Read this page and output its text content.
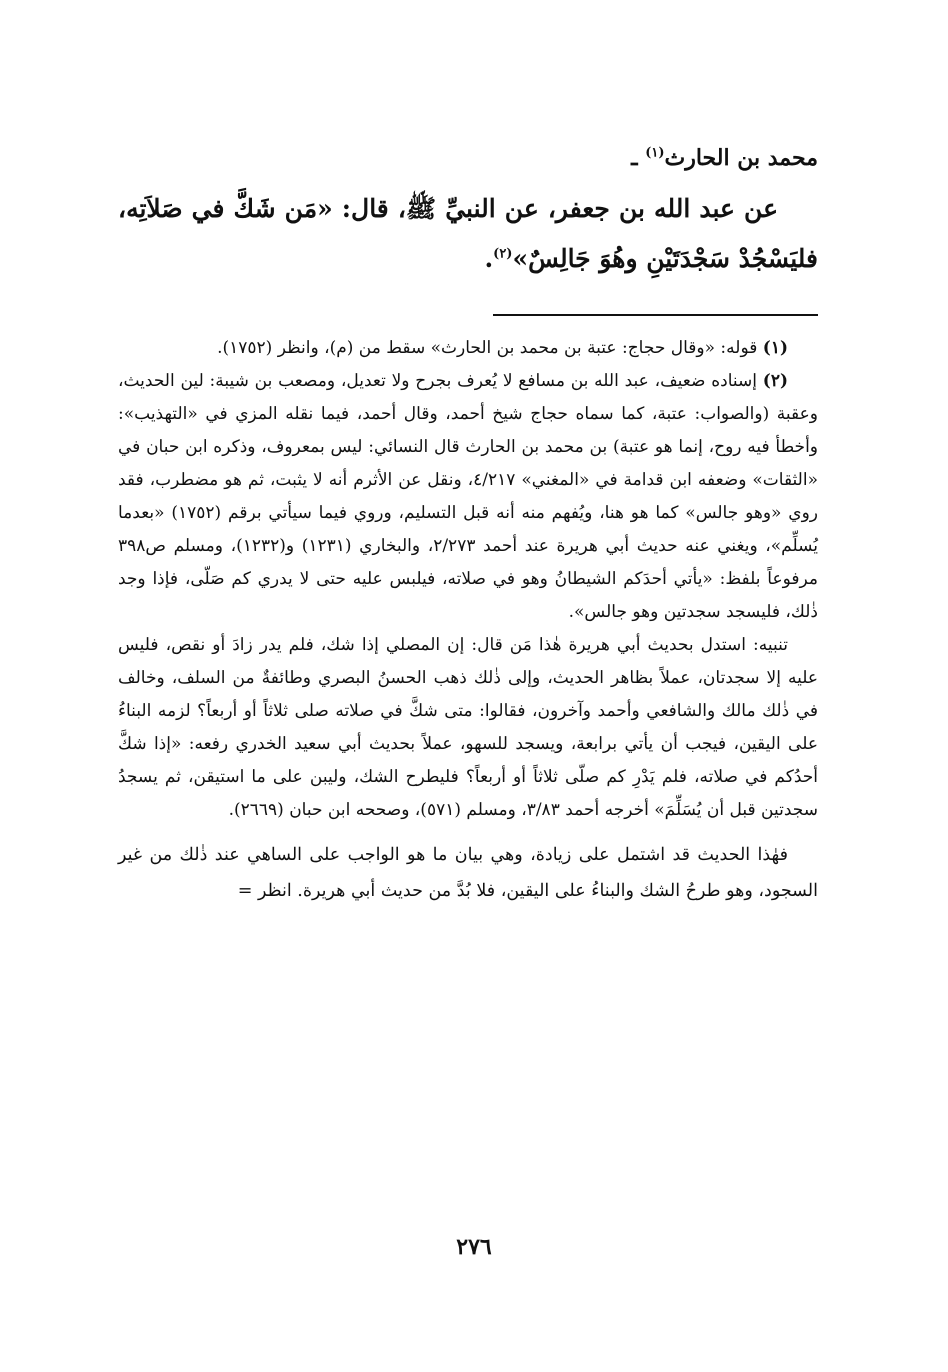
محمد بن الحارث$^{(١)}$ ـ

عن عبد الله بن جعفر، عن النبيِّ ﷺ، قال: «مَن شَكَّ في صَلاَتِه، فليَسْجُدْ سَجْدَتَيْنِ وهُوَ جَالِسٌ»$^{(٢)}$.

(١) قوله: «وقال حجاج: عتبة بن محمد بن الحارث» سقط من (م)، وانظر (١٧٥٢).

(٢) إسناده ضعيف، عبد الله بن مسافع لا يُعرف بجرح ولا تعديل، ومصعب بن شيبة: لين الحديث، وعقبة (والصواب: عتبة، كما سماه حجاج شيخ أحمد، وقال أحمد، فيما نقله المزي في «التهذيب»: وأخطأ فيه روح، إنما هو عتبة) بن محمد بن الحارث قال النسائي: ليس بمعروف، وذكره ابن حبان في «الثقات» وضعفه ابن قدامة في «المغني» ٤/٢١٧، ونقل عن الأثرم أنه لا يثبت، ثم هو مضطرب، فقد روي «وهو جالس» كما هو هنا، ويُفهم منه أنه قبل التسليم، وروي فيما سيأتي برقم (١٧٥٢) «بعدما يُسلِّم»، ويغني عنه حديث أبي هريرة عند أحمد ٢/٢٧٣، والبخاري (١٢٣١) و(١٢٣٢)، ومسلم ص٣٩٨ مرفوعاً بلفظ: «يأتي أحدَكم الشيطانُ وهو في صلاته، فيلبس عليه حتى لا يدري كم صَلّى، فإذا وجد ذٰلك، فليسجد سجدتين وهو جالس».

تنبيه: استدل بحديث أبي هريرة هٰذا مَن قال: إن المصلي إذا شك، فلم يدر زادَ أو نقص، فليس عليه إلا سجدتان، عملاً بظاهر الحديث، وإلى ذٰلك ذهب الحسنُ البصري وطائفةٌ من السلف، وخالف في ذٰلك مالك والشافعي وأحمد وآخرون، فقالوا: متى شكَّ في صلاته صلى ثلاثاً أو أربعاً؟ لزمه البناءُ على اليقين، فيجب أن يأتي برابعة، ويسجد للسهو، عملاً بحديث أبي سعيد الخدري رفعه: «إذا شكَّ أحدُكم في صلاته، فلم يَدْرِ كم صلّى ثلاثاً أو أربعاً؟ فليطرح الشك، وليبن على ما استيقن، ثم يسجدُ سجدتين قبل أن يُسَلِّمَ» أخرجه أحمد ٣/٨٣، ومسلم (٥٧١)، وصححه ابن حبان (٢٦٦٩).

فهٰذا الحديث قد اشتمل على زيادة، وهي بيان ما هو الواجب على الساهي عند ذٰلك من غير السجود، وهو طرحُ الشك والبناءُ على اليقين، فلا بُدَّ من حديث أبي هريرة. انظر =

٢٧٦
